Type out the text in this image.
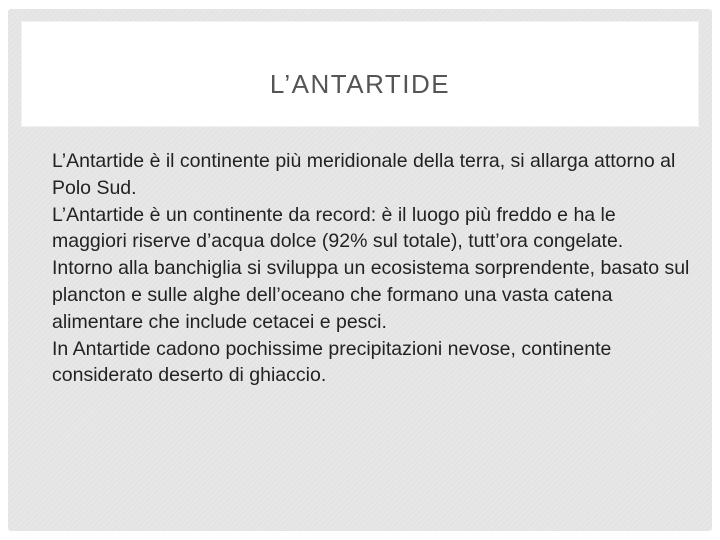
L’ANTARTIDE

L’Antartide è il continente più meridionale della terra, si allarga attorno al Polo Sud.

L’Antartide è un continente da record: è il luogo più freddo e ha le maggiori riserve d’acqua dolce (92% sul totale), tutt’ora congelate.

Intorno alla banchiglia si sviluppa un ecosistema sorprendente, basato sul plancton e sulle alghe dell’oceano che formano una vasta catena alimentare che include cetacei e pesci.

In Antartide cadono pochissime precipitazioni nevose, continente considerato deserto di ghiaccio.
